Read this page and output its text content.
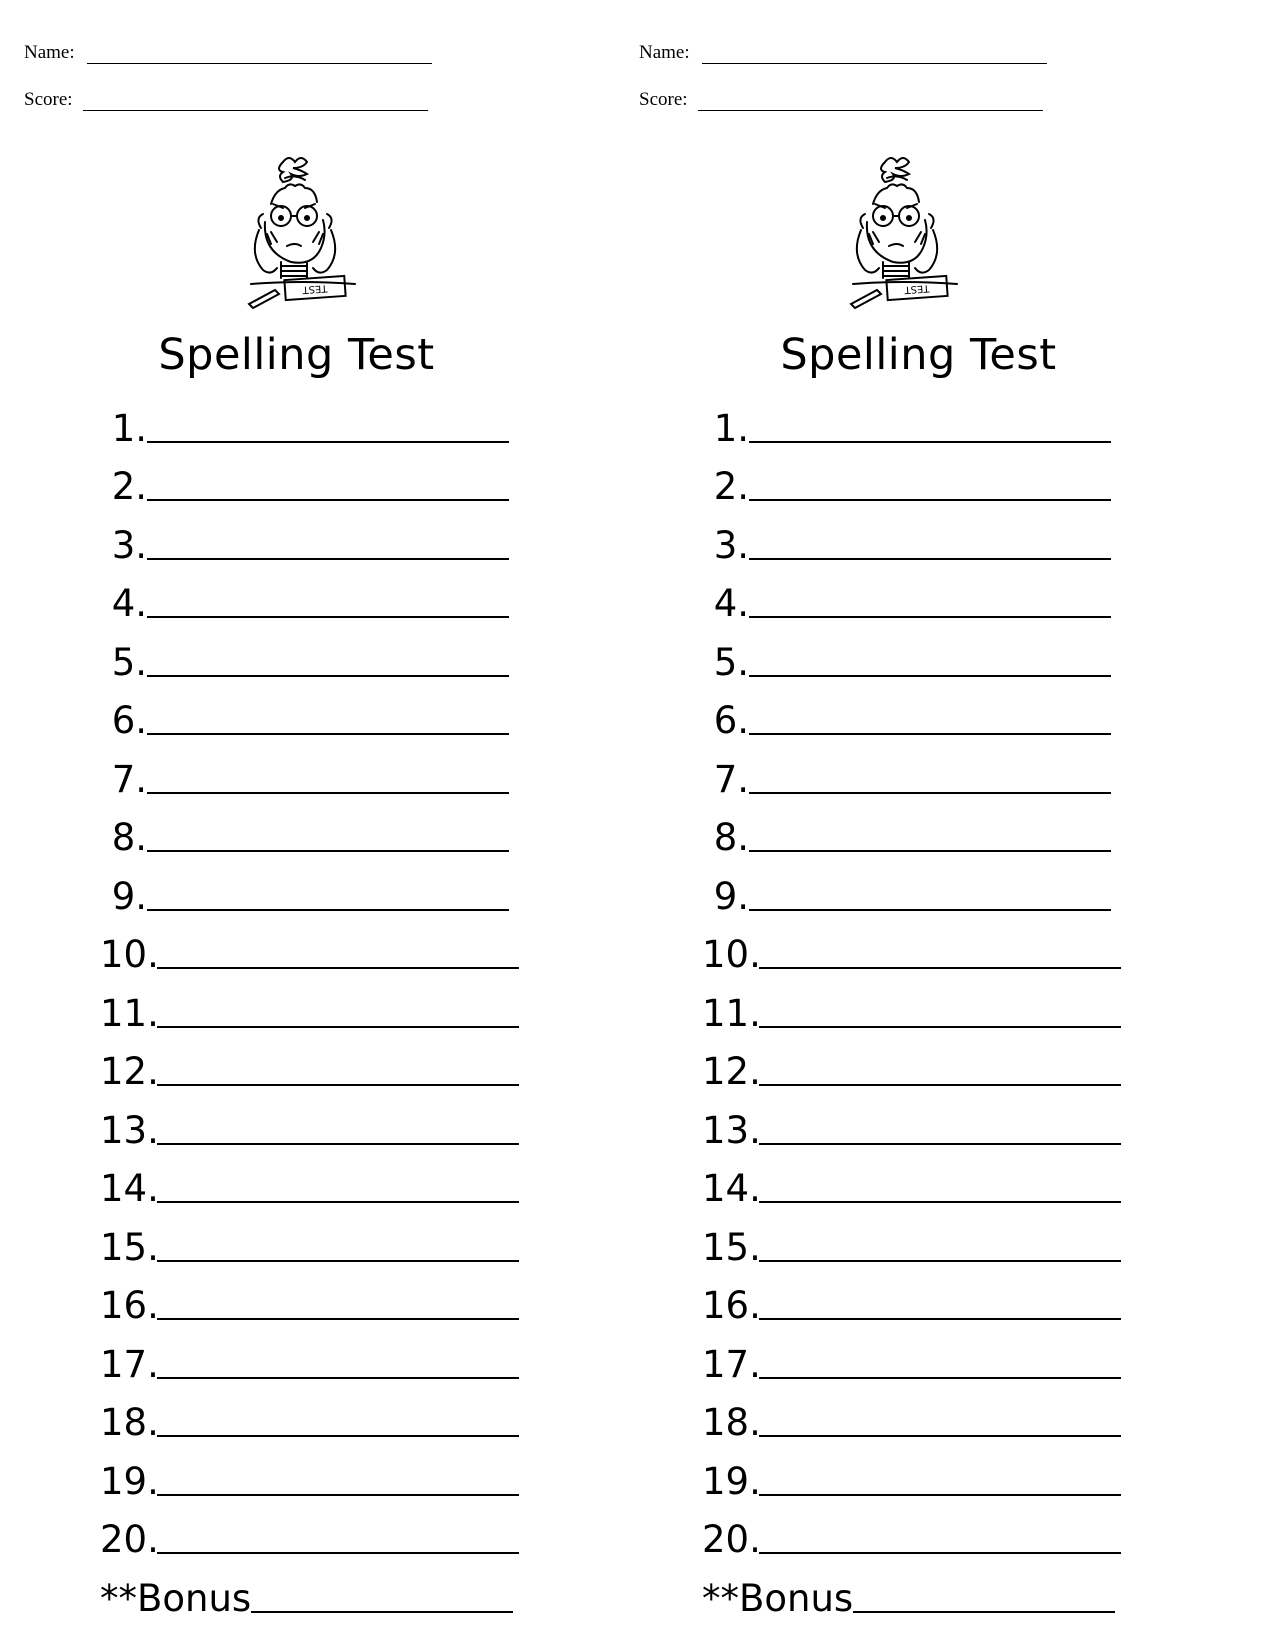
Name:
Score:
TEST
Spelling Test
1.
2.
3.
4.
5.
6.
7.
8.
9.
10.
11.
12.
13.
14.
15.
16.
17.
18.
19.
20.
**Bonus
Name:
Score:
TEST
Spelling Test
1.
2.
3.
4.
5.
6.
7.
8.
9.
10.
11.
12.
13.
14.
15.
16.
17.
18.
19.
20.
**Bonus
